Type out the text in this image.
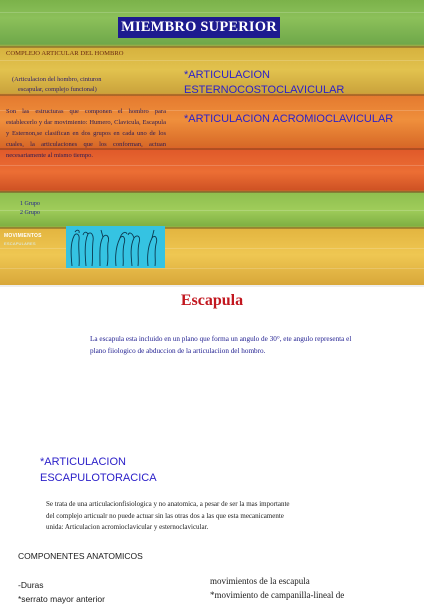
MIEMBRO SUPERIOR
COMPLEJO ARTICULAR DEL HOMBRO
(Articulacion del hombro, cinturon
escapular, complejo funcional)
Son las estructuras que componen el hombro para establecerlo y dar movimiento: Humero, Clavicula, Escapula y Esternon,se clasifican en dos grupos en cada uno de los cuales, la articulaciones que los conforman, actuan necesariamente al mismo tiempo.
1 Grupo
2 Grupo
MOVIMIENTOS
ESCAPULARES
*ARTICULACION ESTERNOCOSTOCLAVICULAR
*ARTICULACION ACROMIOCLAVICULAR
Escapula
La escapula esta incluido en un plano que forma un angulo de 30°, ete angulo representa el plano fiiologico de abduccion de la articulaciion del hombro.
*ARTICULACION
ESCAPULOTORACICA
Se trata de una articulacionfisiologica y no anatomica, a pesar de ser la mas importante del complejo articualr no puede actuar sin las otras dos a las que esta mecanicamente unida: Articulacion acromioclavicular y esternoclavicular.
COMPONENTES ANATOMICOS
-Duras
*serrato mayor anterior
movimientos de la escapula
*movimiento de campanilla-lineal de
